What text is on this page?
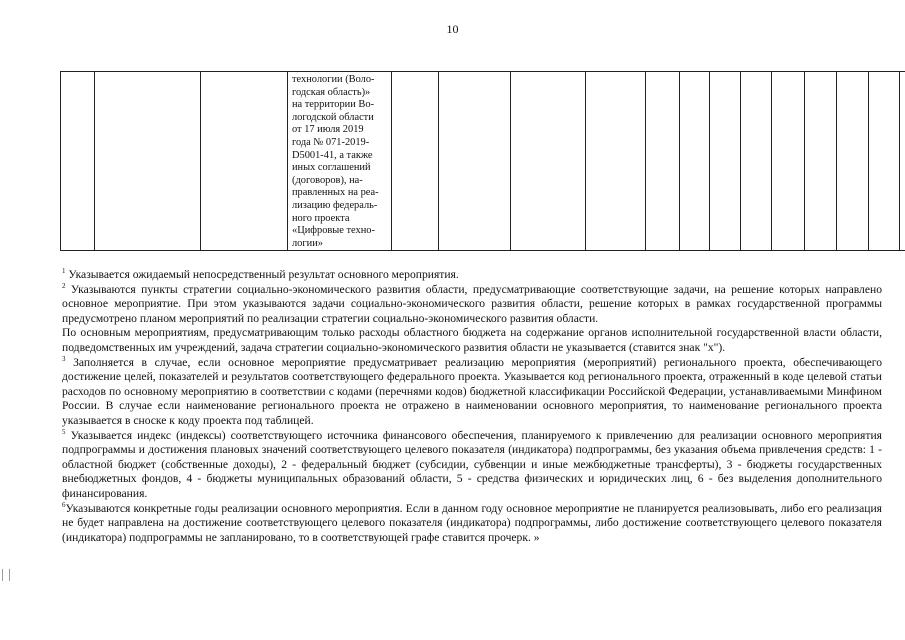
10

технологии (Воло-
годская область)»
на территории Во-
логодской области
от 17 июля 2019
года № 071-2019-
D5001-41, а также
иных соглашений
(договоров), на-
правленных на реа-
лизацию федераль-
ного проекта
«Цифровые техно-
логии»

$^1$ Указывается ожидаемый непосредственный результат основного мероприятия.

$^2$ Указываются пункты стратегии социально-экономического развития области, предусматривающие соответствующие задачи, на решение которых направлено основное мероприятие. При этом указываются задачи социально-экономического развития области, решение которых в рамках государственной программы предусмотрено планом мероприятий по реализации стратегии социально-экономического развития области.

По основным мероприятиям, предусматривающим только расходы областного бюджета на содержание органов исполнительной государственной власти области, подведомственных им учреждений, задача стратегии социально-экономического развития области не указывается (ставится знак "х").

$^3$ Заполняется в случае, если основное мероприятие предусматриваeт реализацию мероприятия (мероприятий) регионального проекта, обеспечивающего достижение целей, показателей и результатов соответствующего федерального проекта. Указывается код регионального проекта, отраженный в коде целевой статьи расходов по основному мероприятию в соответствии с кодами (перечнями кодов) бюджетной классификации Российской Федерации, устанавливаемыми Минфином России. В случае если наименование регионального проекта не отражено в наименовании основного мероприятия, то наименование регионального проекта указывается в сноске к коду проекта под таблицей.

$^5$ Указывается индекс (индексы) соответствующего источника финансового обеспечения, планируемого к привлечению для реализации основного мероприятия подпрограммы и достижения плановых значений соответствующего целевого показателя (индикатора) подпрограммы, без указания объема привлечения средств: 1 - областной бюджет (собственные доходы), 2 - федеральный бюджет (субсидии, субвенции и иные межбюджетные трансферты), 3 - бюджеты государственных внебюджетных фондов, 4 - бюджеты муниципальных образований области, 5 - средства физических и юридических лиц, 6 - без выделения дополнительного финансирования.

$^6$Указываются конкретные годы реализации основного мероприятия. Если в данном году основное мероприятие не планируется реализовывать, либо его реализация не будет направлена на достижение соответствующего целевого показателя (индикатора) подпрограммы, либо достижение соответствующего целевого показателя (индикатора) подпрограммы не запланировано, то в соответствующей графе ставится прочерк. »
